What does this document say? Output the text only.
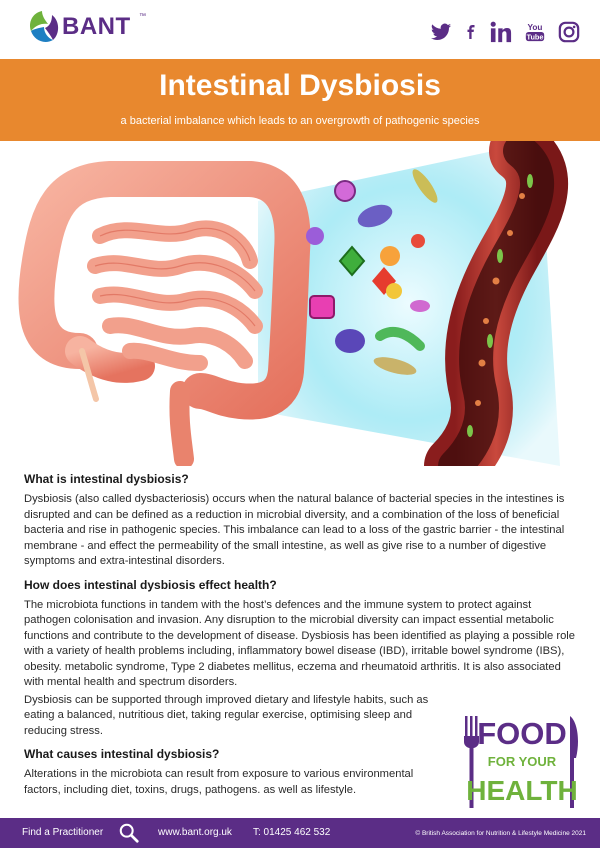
BANT ™
You
Tube
Intestinal Dysbiosis
a bacterial imbalance which leads to an overgrowth of pathogenic species
What is intestinal dysbiosis?

Dysbiosis (also called dysbacteriosis) occurs when the natural balance of bacterial species in the intestines is disrupted and can be defined as a reduction in microbial diversity, and a combination of the loss of beneficial bacteria and rise in pathogenic species. This imbalance can lead to a loss of the gastric barrier - the intestinal membrane - and effect the permeability of the small intestine, as well as give rise to a number of digestive symptoms and extra-intestinal disorders.

How does intestinal dysbiosis effect health?

The microbiota functions in tandem with the host’s defences and the immune system to protect against pathogen colonisation and invasion. Any disruption to the microbial diversity can impact essential metabolic functions and contribute to the development of disease. Dysbiosis has been identified as playing a possible role with a variety of health problems including, inflammatory bowel disease (IBD), irritable bowel syndrome (IBS), obesity. metabolic syndrome, Type 2 diabetes mellitus, eczema and rheumatoid arthritis. It is also associated with mental health and spectrum disorders.

Dysbiosis can be supported through improved dietary and lifestyle habits, such as eating a balanced, nutritious diet, taking regular exercise, optimising sleep and reducing stress.

What causes intestinal dysbiosis?

Alterations in the microbiota can result from exposure to various environmental factors, including diet, toxins, drugs, pathogens. as well as lifestyle.

FOOD
FOR YOUR
HEALTH
Find a Practitioner	www.bant.org.uk T: 01425 462 532	© British Association for Nutrition & Lifestyle Medicine 2021
